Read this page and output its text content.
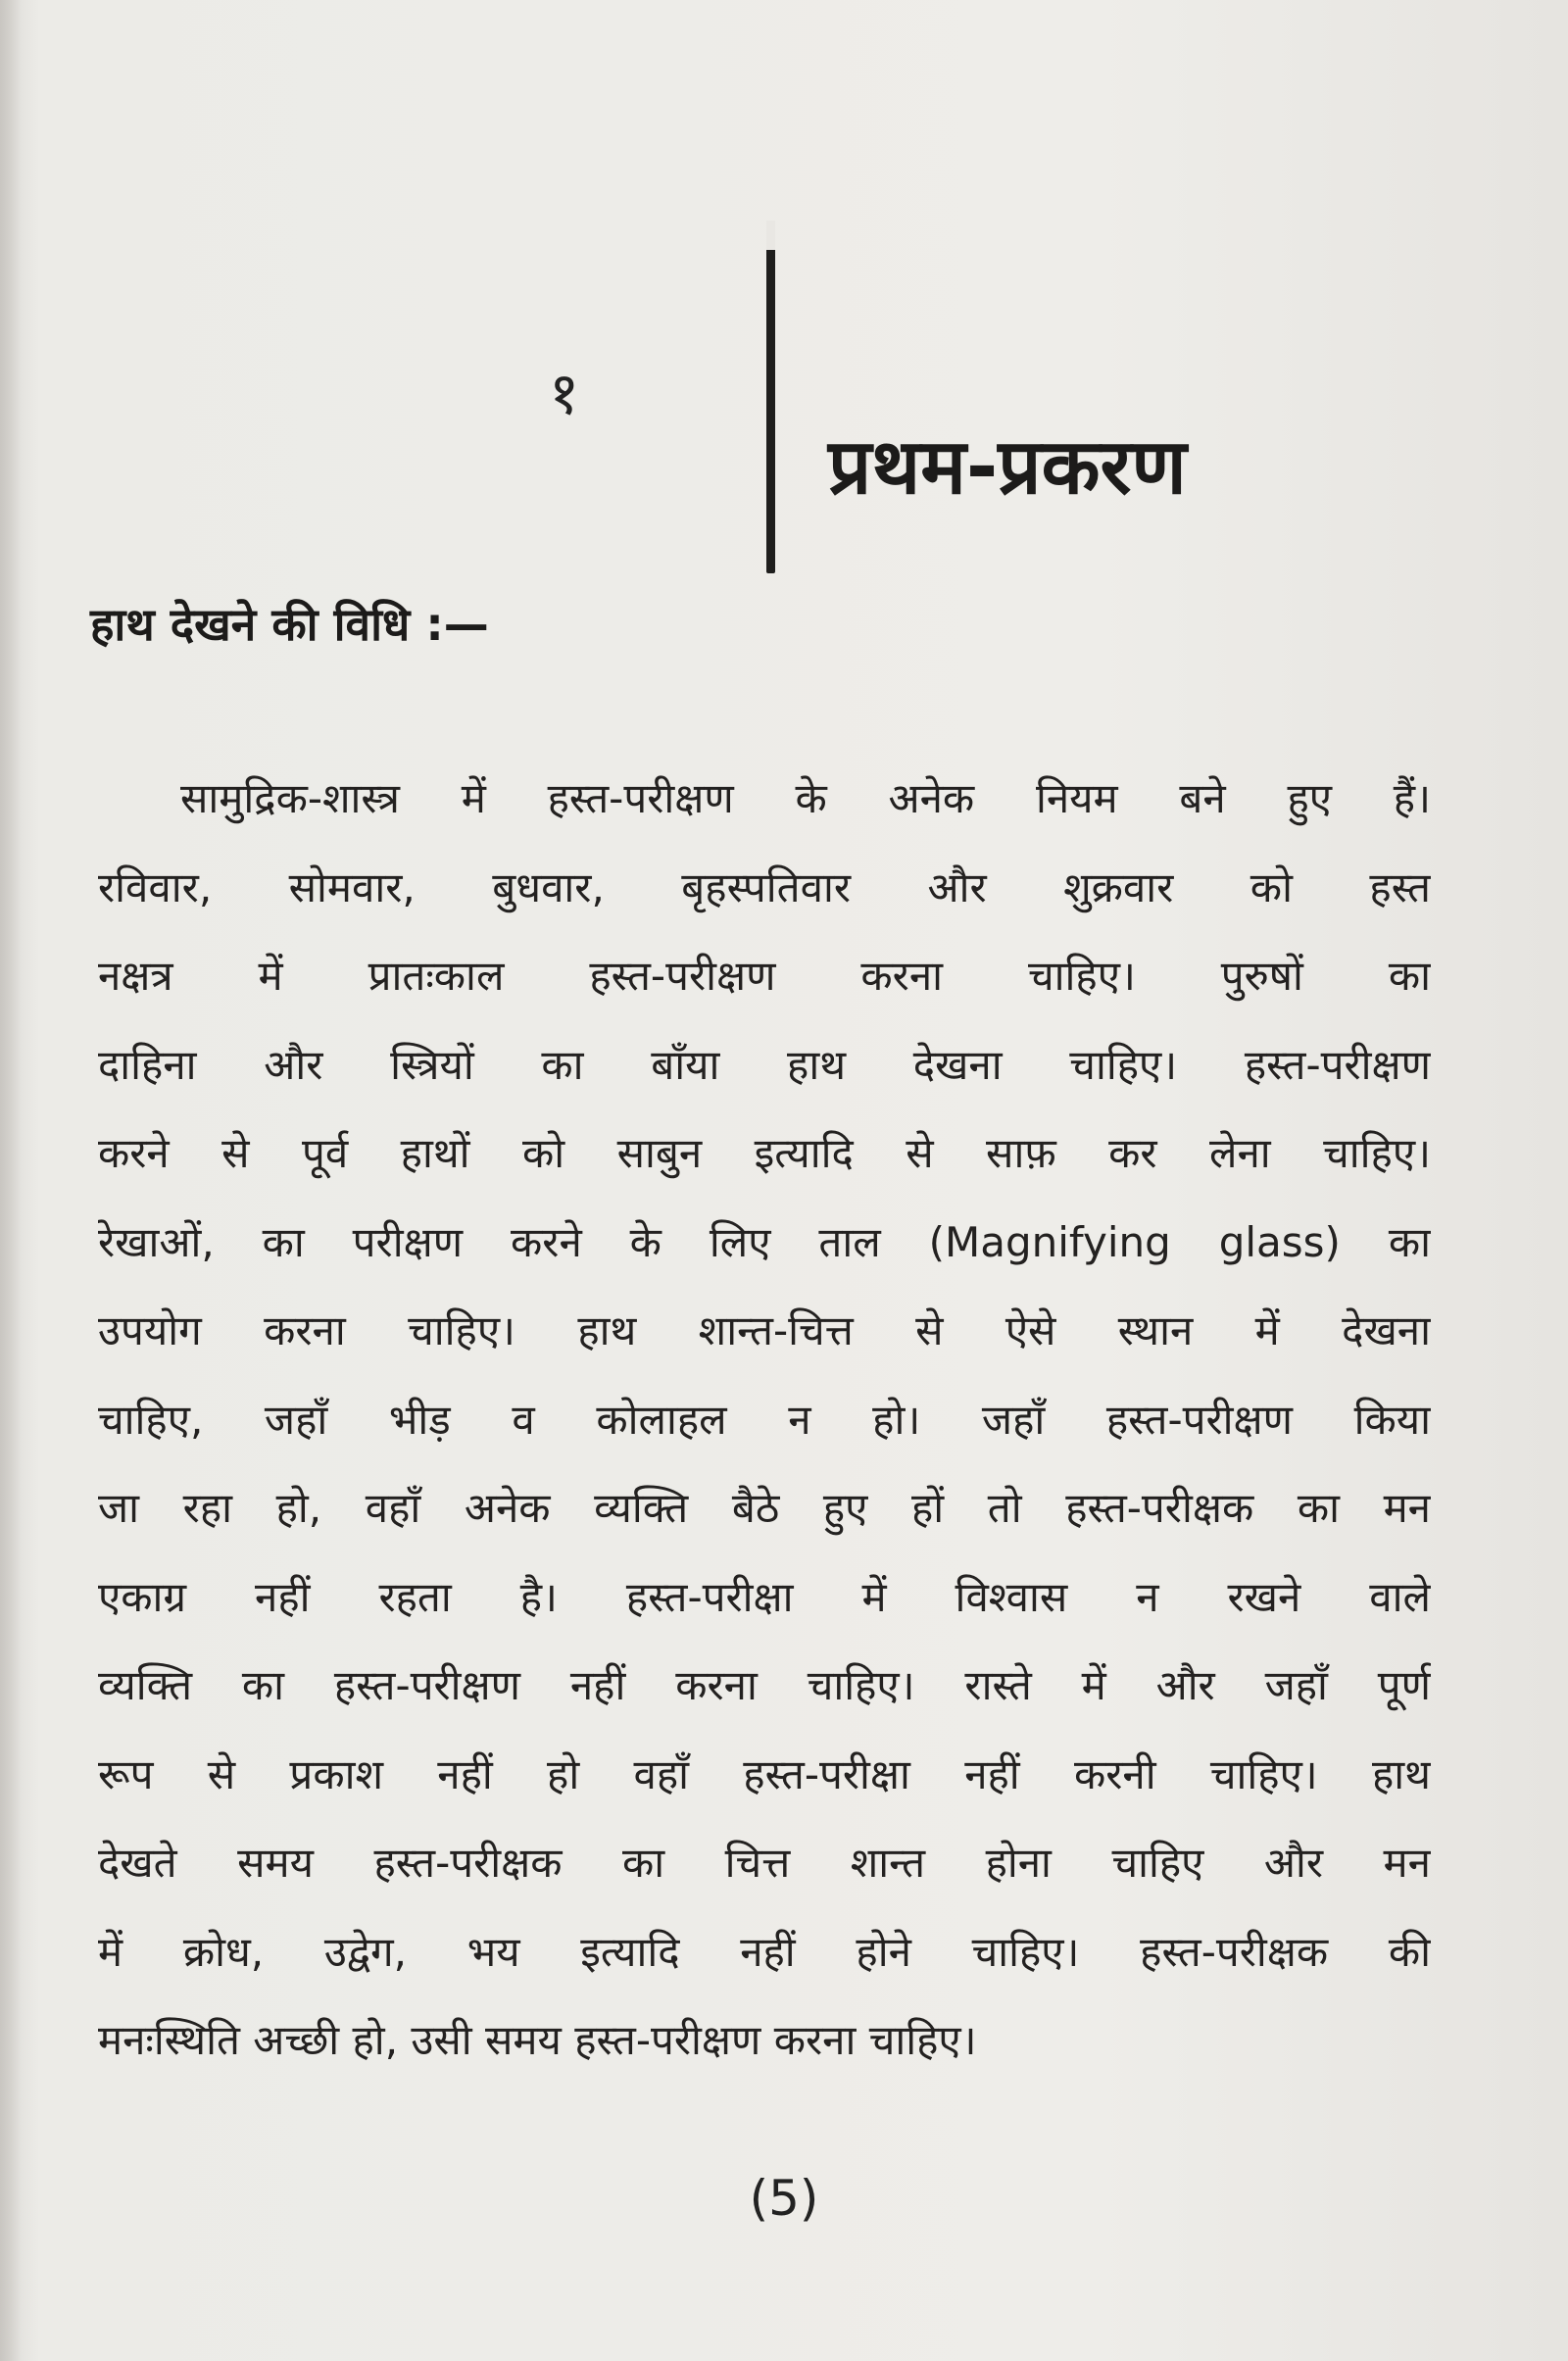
१
प्रथम-प्रकरण
हाथ देखने की विधि :—
सामुद्रिक-शास्त्र में हस्त-परीक्षण के अनेक नियम बने हुए हैं।
रविवार, सोमवार, बुधवार, बृहस्पतिवार और शुक्रवार को हस्त
नक्षत्र में प्रातःकाल हस्त-परीक्षण करना चाहिए। पुरुषों का
दाहिना और स्त्रियों का बाँया हाथ देखना चाहिए। हस्त-परीक्षण
करने से पूर्व हाथों को साबुन इत्यादि से साफ़ कर लेना चाहिए।
रेखाओं, का परीक्षण करने के लिए ताल (Magnifying glass) का
उपयोग करना चाहिए। हाथ शान्त-चित्त से ऐसे स्थान में देखना
चाहिए, जहाँ भीड़ व कोलाहल न हो। जहाँ हस्त-परीक्षण किया
जा रहा हो, वहाँ अनेक व्यक्ति बैठे हुए हों तो हस्त-परीक्षक का मन
एकाग्र नहीं रहता है। हस्त-परीक्षा में विश्वास न रखने वाले
व्यक्ति का हस्त-परीक्षण नहीं करना चाहिए। रास्ते में और जहाँ पूर्ण
रूप से प्रकाश नहीं हो वहाँ हस्त-परीक्षा नहीं करनी चाहिए। हाथ
देखते समय हस्त-परीक्षक का चित्त शान्त होना चाहिए और मन
में क्रोध, उद्वेग, भय इत्यादि नहीं होने चाहिए। हस्त-परीक्षक की
मनःस्थिति अच्छी हो, उसी समय हस्त-परीक्षण करना चाहिए।
(5)
